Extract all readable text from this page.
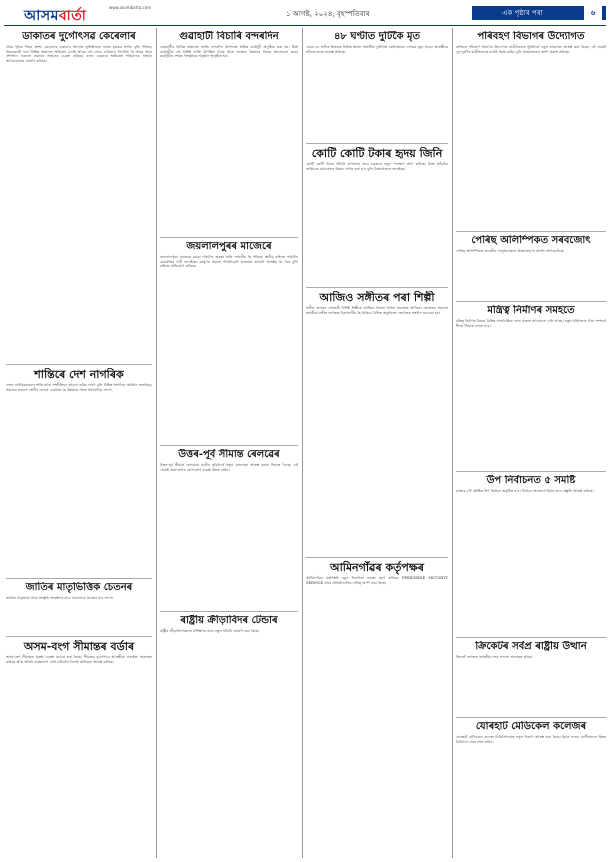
আসমবাৰ্তা
www.asombarta.com
১ আগষ্ট, ২০২৪, বৃহস্পতিবাৰ	এক পৃষ্ঠাৰ পৰা	৬
ডাকাতৰ দুৰ্গোৎসৱ কেৰেলাৰ
প্ৰথম পৃষ্ঠাৰ পিছৰ অংশ। কেৰেলাৰ ওৱানাড জিলাত ভূমিস্খলনৰ ফলত মৃতকৰ সংখ্যা বৃদ্ধি পাইছে। উদ্ধাৰকাৰী দলে বিভিন্ন অঞ্চলত অভিযান চলাই আছে। বহু লোক এতিয়াও নিখোঁজ হৈ আছে আৰু প্ৰশাসনে সকলো প্ৰকাৰৰ সাহায্যৰ ব্যৱস্থা কৰিছে। ৰাজ্য চৰকাৰে ক্ষতিগ্ৰস্ত পৰিয়ালক সাহায্য আগবঢ়োৱাৰ ঘোষণা কৰিছে।
শান্তিৰে দেশ নাগৰিক
দেশৰ নাগৰিকসকলে শান্তি আৰু সম্প্ৰীতিৰে বসবাস কৰিব লাগে বুলি বিভিন্ন সংগঠনে আহ্বান জনাইছে। সমাজৰ সকলো শ্ৰেণীৰ লোকে একত্ৰিত হৈ উন্নয়নৰ পথত আগবাঢ়িব লাগে।
জাতিৰ মাতৃভিত্তিক চেতনৰ
জাতিৰ মাতৃভাষা আৰু সংস্কৃতি সংৰক্ষণৰ বাবে সকলোৱে সচেতন হ'ব লাগে।
অসম-বংগ সীমান্তৰ বৰ্ডাৰ
অসম-বংগ সীমান্তত সুৰক্ষা ব্যৱস্থা কঠোৰ কৰা হৈছে। সীমান্তৰ দুয়োপাৰে আৰক্ষীয়ে সতৰ্কতা অৱলম্বন কৰিছে আৰু অবৈধ কাৰ্যকলাপ ৰোধ কৰিবলৈ বিশেষ অভিযান আৰম্ভ কৰিছে।
গুৱাহাটী বিচাৰি বন্দৰদিন
গুৱাহাটীৰ বিভিন্ন অঞ্চলত আজি বন্দৰদিন উপলক্ষে বিভিন্ন কাৰ্যসূচী অনুষ্ঠিত কৰা হয়। উক্ত কাৰ্যসূচীত বহু বিশিষ্ট ব্যক্তি উপস্থিত থাকে আৰু সমাজৰ উন্নয়নৰ বিষয়ে আলোচনা কৰে। কাৰ্যসূচীৰ শেষত সাংস্কৃতিক অনুষ্ঠান অনুষ্ঠিত হয়।
জয়লালপুৰৰ মাজেৰে
জয়লালপুৰৰ মাজেৰে যোৱা পথটোৰ অৱস্থা অতি শোচনীয় হৈ পৰিছে। স্থানীয় ৰাইজে পথটোৰ মেৰামতিৰ দাবী জনাইছে। বৰষুণৰ সময়ত পথটোৱেদি যাতায়ত কৰাটো অসম্ভৱ হৈ পৰে বুলি ৰাইজে অভিযোগ কৰিছে।
উত্তৰ-পূৰ্ব সীমান্ত ৰেলৱেৰ
উত্তৰ-পূৰ্ব সীমান্ত ৰেলৱেয়ে যাত্ৰীৰ সুবিধাৰ্থে নতুন ৰেলসেৱা আৰম্ভ কৰাৰ সিদ্ধান্ত লৈছে। এই সেৱাই অঞ্চলটোৰ যোগাযোগ ব্যৱস্থা উন্নত কৰিব।
ৰাষ্ট্ৰীয় ক্ৰীড়াবিদৰ টেন্ডাৰ
ৰাষ্ট্ৰীয় ক্ৰীড়াবিদসকলৰ প্ৰশিক্ষণৰ বাবে নতুন আঁচনি ঘোষণা কৰা হৈছে।
৪৮ ঘণ্টাত দুটিকৈ মৃত
যোৱা ৪৮ ঘণ্টাৰ ভিতৰত বিভিন্ন স্থানত সংঘটিত দুৰ্ঘটনাত কেইবাজনো লোকৰ মৃত্যু হৈছে। আৰক্ষীয়ে ঘটনাৰ তদন্ত আৰম্ভ কৰিছে।
কোটি কোটি টকাৰ হৃদয় জিনি
কোটি কোটি টকাৰ আঁচনি ৰূপায়ণৰ বাবে চৰকাৰে নতুন পদক্ষেপ গ্ৰহণ কৰিছে। উক্ত আঁচনিৰ জৰিয়তে গ্ৰামাঞ্চলৰ উন্নয়ন সাধন কৰা হ'ব বুলি বিষয়াসকলে জনাইছে।
আজিও সঙ্গীতৰ পৰা শিল্পী
সঙ্গীত জগতৰ এগৰাকী বিশিষ্ট শিল্পীয়ে আজিও নিজৰ সাধনা অব্যাহত ৰাখিছে। তেখেতৰ অৱদান অসমীয়া সঙ্গীত জগতত চিৰস্মৰণীয় হৈ থাকিব। বিভিন্ন অনুষ্ঠানত তেখেতক সম্বৰ্ধনা জনোৱা হয়।
আমিনগাঁৱৰ কৰ্তৃপক্ষৰ
আমিনগাঁৱৰ কৰ্তৃপক্ষই নতুন নিৰাপত্তা ব্যৱস্থা গ্ৰহণ কৰিছে। PEREGRINE SECURITY SERVICE নামৰ প্ৰতিষ্ঠানটোক দায়িত্ব অৰ্পণ কৰা হৈছে।
পৰিবহণ বিভাগৰ উদ্যোগত
ৰাজ্যিক পৰিবহণ বিভাগৰ উদ্যোগত যাত্ৰীসকলৰ সুবিধাৰ্থে নতুন বাছসেৱা আৰম্ভ কৰা হৈছে। এই সেৱাই দূৰ-দূৰণিৰ যাত্ৰীসকলক যথেষ্ট সহায় কৰিব বুলি বিষয়াসকলে আশা প্ৰকাশ কৰিছে।
পেৰিছ অলিম্পিকত সৰবজোৎ
পেৰিছ অলিম্পিকত ভাৰতীয় খেলুৱৈসকলে উল্লেখযোগ্য প্ৰদৰ্শন আগবঢ়াইছে।
মন্ত্ৰিত্ব নিৰ্মাণৰ সমহতে
মন্ত্ৰিত্ব নিৰ্মাণৰ বিষয়ে বিভিন্ন ৰাজনৈতিক দলৰ মাজত আলোচনা চলি আছে। নতুন মন্ত্ৰিসভাৰ গঠন সম্পৰ্কে শীঘ্ৰে সিদ্ধান্ত লোৱা হ'ব।
উপ নিৰ্বাচনত ৫ সমষ্টি
ৰাজ্যৰ ৫টা সমষ্টিত উপ নিৰ্বাচন অনুষ্ঠিত হ'ব। নিৰ্বাচন আয়োগে ইয়াৰ বাবে প্ৰস্তুতি আৰম্ভ কৰিছে।
ক্ৰিকেটৰ সৰ্বপ্ৰ ৰাষ্ট্ৰীয় উত্থান
ক্ৰিকেট জগতত ভাৰতীয় দলৰ সাফল্য অব্যাহত আছে।
যোৰহাট মেডিকেল কলেজৰ
যোৰহাট মেডিকেল কলেজ চিকিৎসালয়ত নতুন বিভাগ আৰম্ভ কৰা হৈছে। ইয়াৰ ফলত ৰোগীসকলে উন্নত চিকিৎসা সেৱা লাভ কৰিব।
